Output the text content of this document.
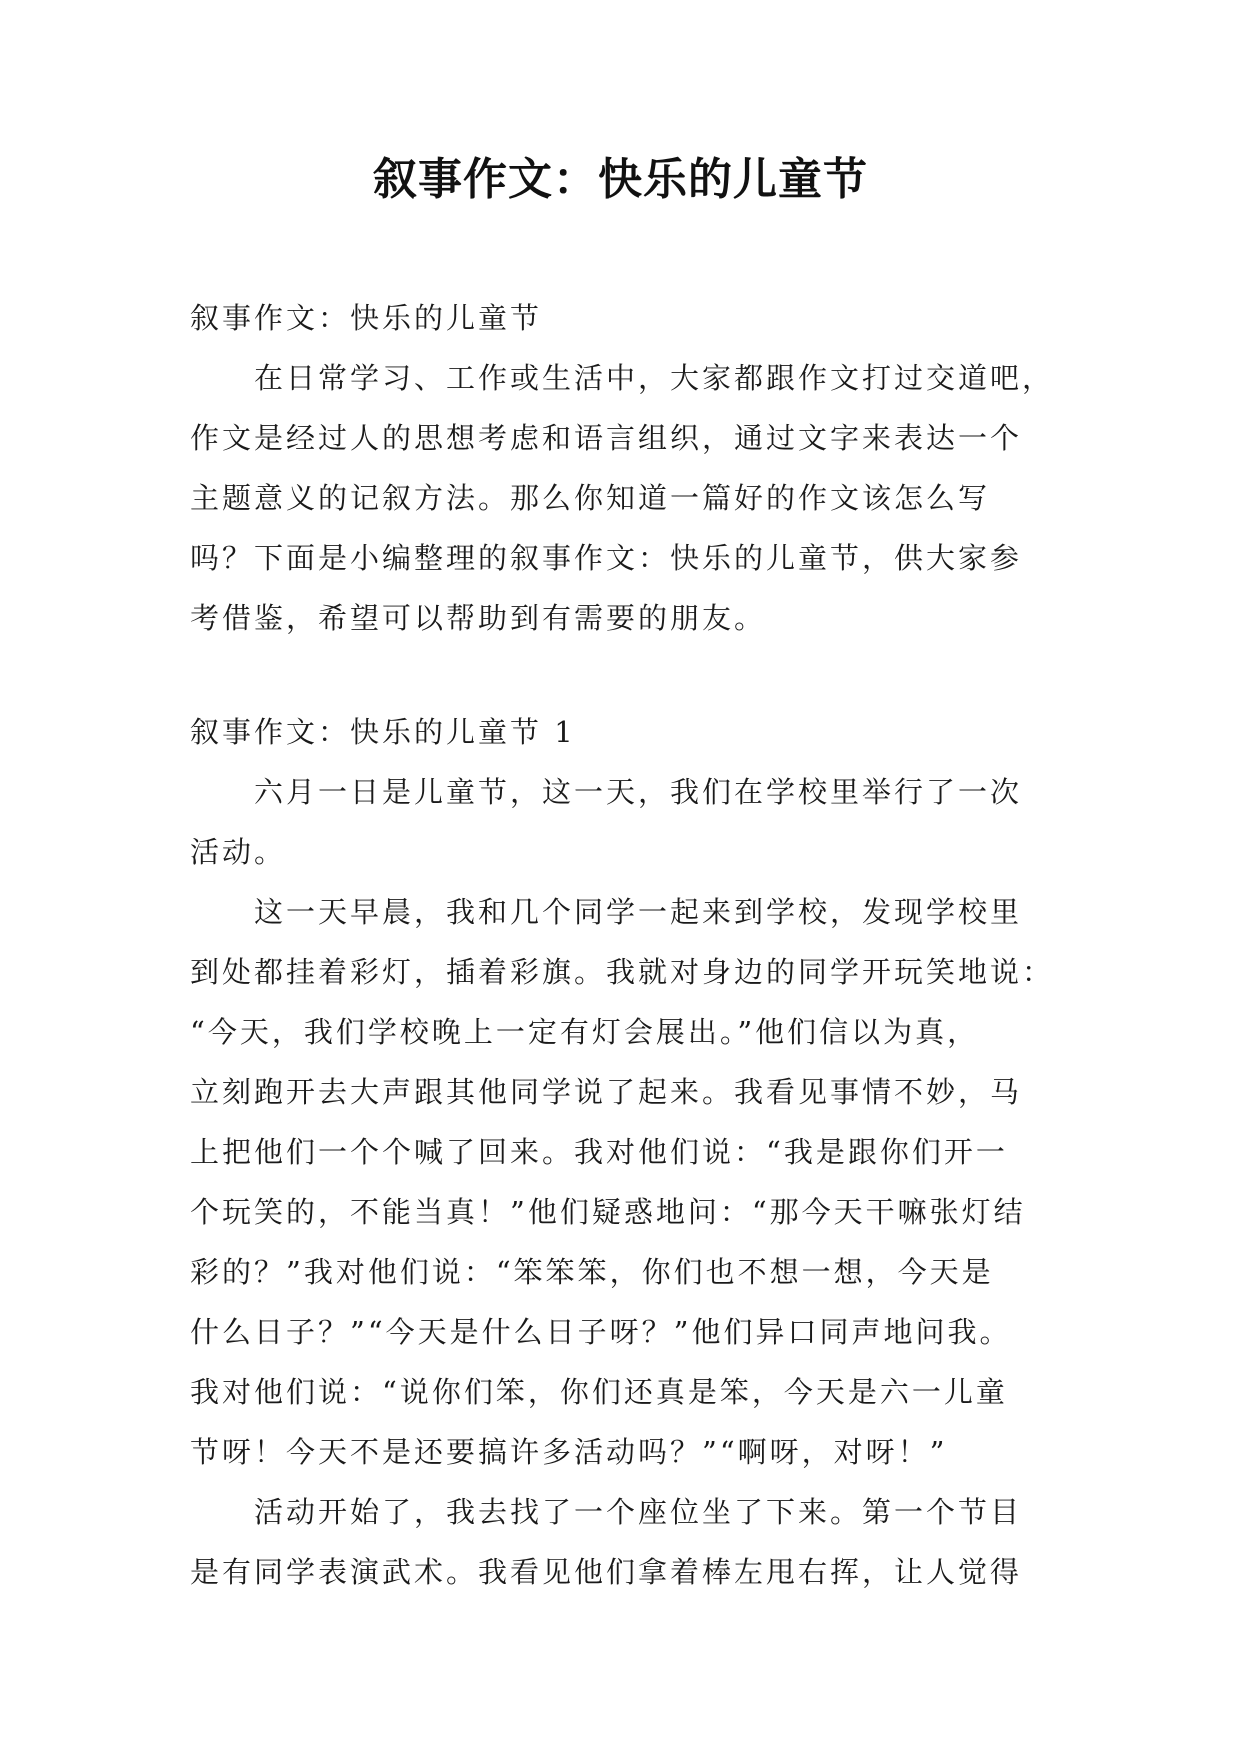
叙事作文：快乐的儿童节

叙事作文：快乐的儿童节

在日常学习、工作或生活中，大家都跟作文打过交道吧，

作文是经过人的思想考虑和语言组织，通过文字来表达一个

主题意义的记叙方法。那么你知道一篇好的作文该怎么写

吗？下面是小编整理的叙事作文：快乐的儿童节，供大家参

考借鉴，希望可以帮助到有需要的朋友。

叙事作文：快乐的儿童节 1

六月一日是儿童节，这一天，我们在学校里举行了一次

活动。

这一天早晨，我和几个同学一起来到学校，发现学校里

到处都挂着彩灯，插着彩旗。我就对身边的同学开玩笑地说：

“今天，我们学校晚上一定有灯会展出。”他们信以为真，

立刻跑开去大声跟其他同学说了起来。我看见事情不妙，马

上把他们一个个喊了回来。我对他们说：“我是跟你们开一

个玩笑的，不能当真！”他们疑惑地问：“那今天干嘛张灯结

彩的？”我对他们说：“笨笨笨，你们也不想一想，今天是

什么日子？”“今天是什么日子呀？”他们异口同声地问我。

我对他们说：“说你们笨，你们还真是笨，今天是六一儿童

节呀！今天不是还要搞许多活动吗？”“啊呀，对呀！”

活动开始了，我去找了一个座位坐了下来。第一个节目

是有同学表演武术。我看见他们拿着棒左甩右挥，让人觉得
